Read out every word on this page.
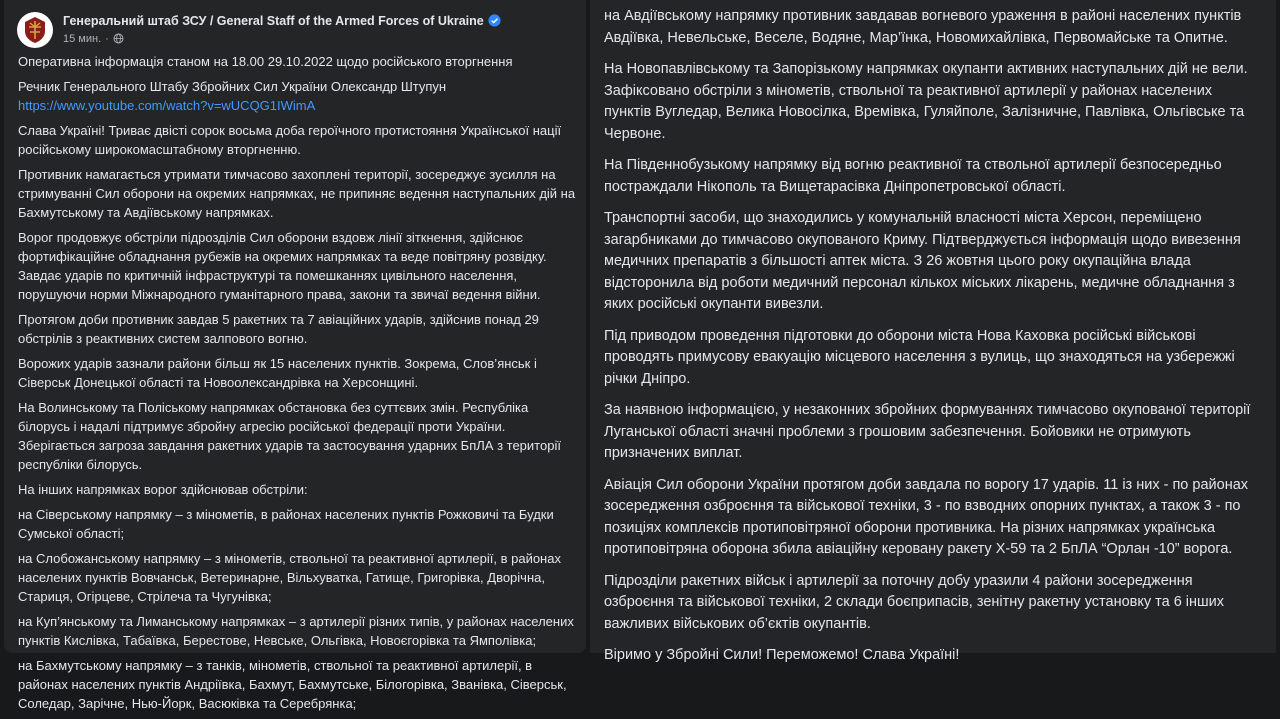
Генеральний штаб ЗСУ / General Staff of the Armed Forces of Ukraine
15 мин. ·

Оперативна інформація станом на 18.00 29.10.2022 щодо російського вторгнення

Речник Генерального Штабу Збройних Сил України Олександр Штупун

https://www.youtube.com/watch?v=wUCQG1IWimA

Слава Україні! Триває двісті сорок восьма доба героїчного протистояння Української нації російському широкомасштабному вторгненню.

Противник намагається утримати тимчасово захоплені території, зосереджує зусилля на стримуванні Сил оборони на окремих напрямках, не припиняє ведення наступальних дій на Бахмутському та Авдіївському напрямках.

Ворог продовжує обстріли підрозділів Сил оборони вздовж лінії зіткнення, здійснює фортифікаційне обладнання рубежів на окремих напрямках та веде повітряну розвідку. Завдає ударів по критичній інфраструктурі та помешканнях цивільного населення, порушуючи норми Міжнародного гуманітарного права, закони та звичаї ведення війни.

Протягом доби противник завдав 5 ракетних та 7 авіаційних ударів, здійснив понад 29 обстрілів з реактивних систем залпового вогню.

Ворожих ударів зазнали райони більш як 15 населених пунктів. Зокрема, Слов’янськ і Сіверськ Донецької області та Новоолександрівка на Херсонщині.

На Волинському та Поліському напрямках обстановка без суттєвих змін. Республіка білорусь і надалі підтримує збройну агресію російської федерації проти України. Зберігається загроза завдання ракетних ударів та застосування ударних БпЛА з території республіки білорусь.

На інших напрямках ворог здійснював обстріли:

на Сіверському напрямку – з мінометів, в районах населених пунктів Рожковичі та Будки Сумської області;

на Слобожанському напрямку – з мінометів, ствольної та реактивної артилерії, в районах населених пунктів Вовчанськ, Ветеринарне, Вільхуватка, Гатище, Григорівка, Дворічна, Стариця, Огірцеве, Стрілеча та Чугунівка;

на Куп’янському та Лиманському напрямках – з артилерії різних типів, у районах населених пунктів Кислівка, Табаївка, Берестове, Невське, Ольгівка, Новоєгорівка та Ямполівка;

на Бахмутському напрямку – з танків, мінометів, ствольної та реактивної артилерії, в районах населених пунктів Андріївка, Бахмут, Бахмутське, Білогорівка, Званівка, Сіверськ, Соледар, Зарічне, Нью-Йорк, Васюківка та Серебрянка;

на Авдіївському напрямку противник завдавав вогневого ураження в районі населених пунктів Авдіївка, Невельське, Веселе, Водяне, Мар’їнка, Новомихайлівка, Первомайське та Опитне.

На Новопавлівському та Запорізькому напрямках окупанти активних наступальних дій не вели. Зафіксовано обстріли з мінометів, ствольної та реактивної артилерії у районах населених пунктів Вугледар, Велика Новосілка, Времівка, Гуляйполе, Залізничне, Павлівка, Ольгівське та Червоне.

На Південнобузькому напрямку від вогню реактивної та ствольної артилерії безпосередньо постраждали Нікополь та Вищетарасівка Дніпропетровської області.

Транспортні засоби, що знаходились у комунальній власності міста Херсон, переміщено загарбниками до тимчасово окупованого Криму. Підтверджується інформація щодо вивезення медичних препаратів з більшості аптек міста. З 26 жовтня цього року окупаційна влада відсторонила від роботи медичний персонал кількох міських лікарень, медичне обладнання з яких російські окупанти вивезли.

Під приводом проведення підготовки до оборони міста Нова Каховка російські військові проводять примусову евакуацію місцевого населення з вулиць, що знаходяться на узбережжі річки Дніпро.

За наявною інформацією, у незаконних збройних формуваннях тимчасово окупованої території Луганської області значні проблеми з грошовим забезпечення. Бойовики не отримують призначених виплат.

Авіація Сил оборони України протягом доби завдала по ворогу 17 ударів. 11 із них - по районах зосередження озброєння та військової техніки, 3 - по взводних опорних пунктах, а також 3 - по позиціях комплексів протиповітряної оборони противника. На різних напрямках українська протиповітряна оборона збила авіаційну керовану ракету Х-59 та 2 БпЛА “Орлан -10” ворога.

Підрозділи ракетних військ і артилерії за поточну добу уразили 4 райони зосередження озброєння та військової техніки, 2 склади боєприпасів, зенітну ракетну установку та 6 інших важливих військових об’єктів окупантів.

Віримо у Збройні Сили! Переможемо! Слава Україні!
